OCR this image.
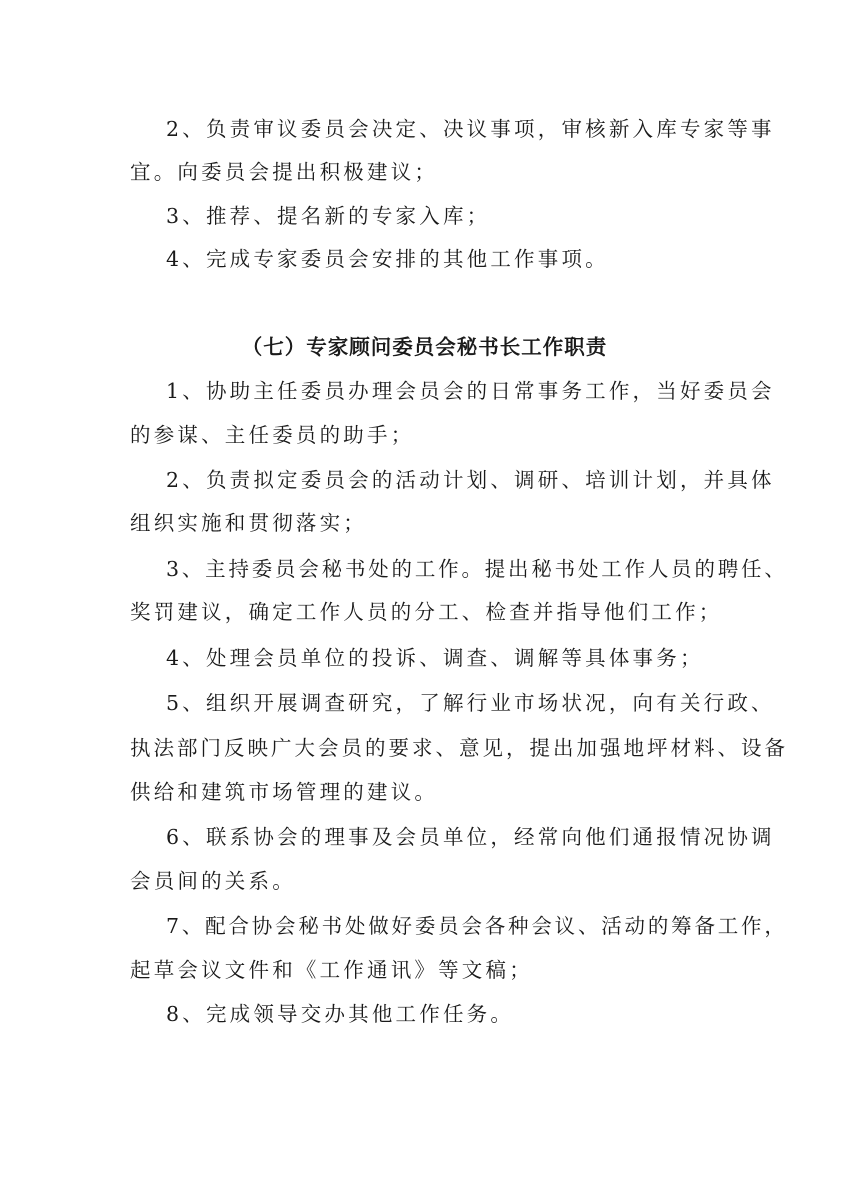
2、负责审议委员会决定、决议事项，审核新入库专家等事
宜。向委员会提出积极建议；
3、推荐、提名新的专家入库；
4、完成专家委员会安排的其他工作事项。
（七）专家顾问委员会秘书长工作职责
1、协助主任委员办理会员会的日常事务工作，当好委员会
的参谋、主任委员的助手；
2、负责拟定委员会的活动计划、调研、培训计划，并具体
组织实施和贯彻落实；
3、主持委员会秘书处的工作。提出秘书处工作人员的聘任、
奖罚建议，确定工作人员的分工、检查并指导他们工作；
4、处理会员单位的投诉、调查、调解等具体事务；
5、组织开展调查研究，了解行业市场状况，向有关行政、
执法部门反映广大会员的要求、意见，提出加强地坪材料、设备
供给和建筑市场管理的建议。
6、联系协会的理事及会员单位，经常向他们通报情况协调
会员间的关系。
7、配合协会秘书处做好委员会各种会议、活动的筹备工作，
起草会议文件和《工作通讯》等文稿；
8、完成领导交办其他工作任务。
